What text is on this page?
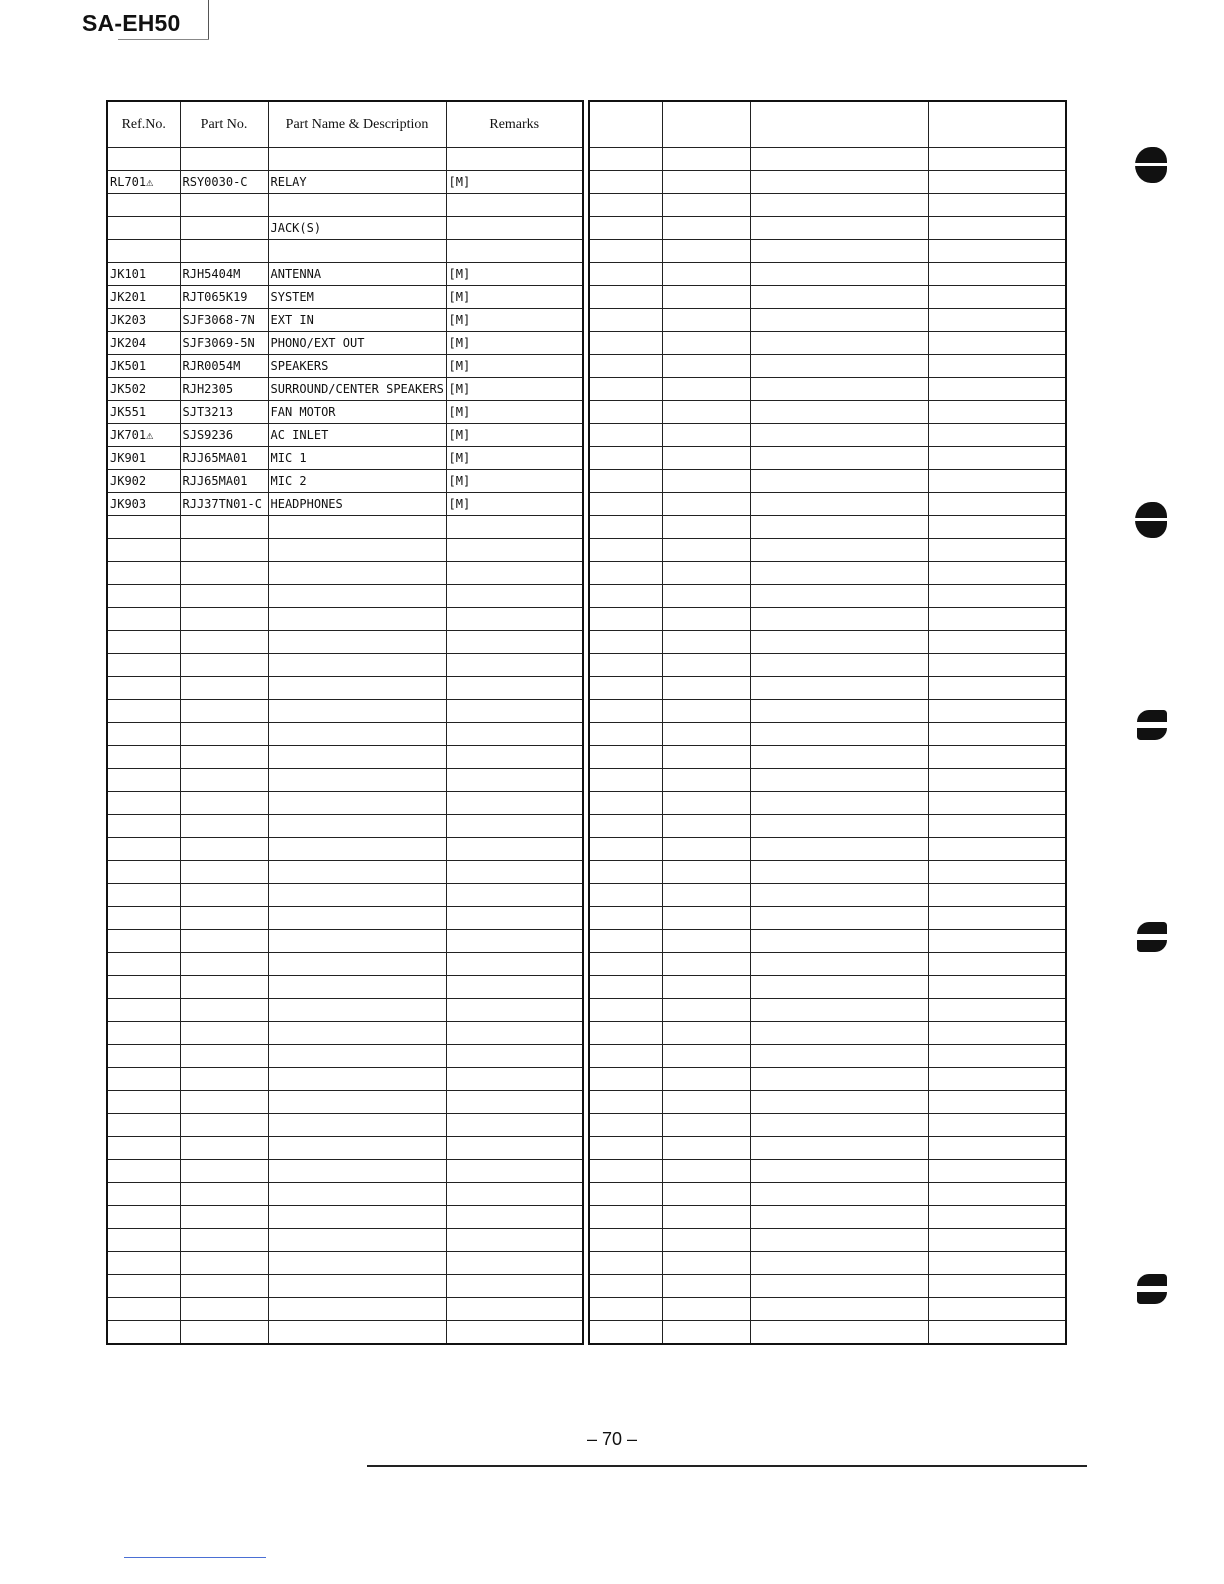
SA-EH50
Ref.No.	Part No.	Part Name & Description	Remarks

RL701⚠	RSY0030-C	RELAY	[M]

		JACK(S)	

JK101	RJH5404M	ANTENNA	[M]
JK201	RJT065K19	SYSTEM	[M]
JK203	SJF3068-7N	EXT IN	[M]
JK204	SJF3069-5N	PHONO/EXT OUT	[M]
JK501	RJR0054M	SPEAKERS	[M]
JK502	RJH2305	SURROUND/CENTER SPEAKERS	[M]
JK551	SJT3213	FAN MOTOR	[M]
JK701⚠	SJS9236	AC INLET	[M]
JK901	RJJ65MA01	MIC 1	[M]
JK902	RJJ65MA01	MIC 2	[M]
JK903	RJJ37TN01-C	HEADPHONES	[M]

– 70 –
